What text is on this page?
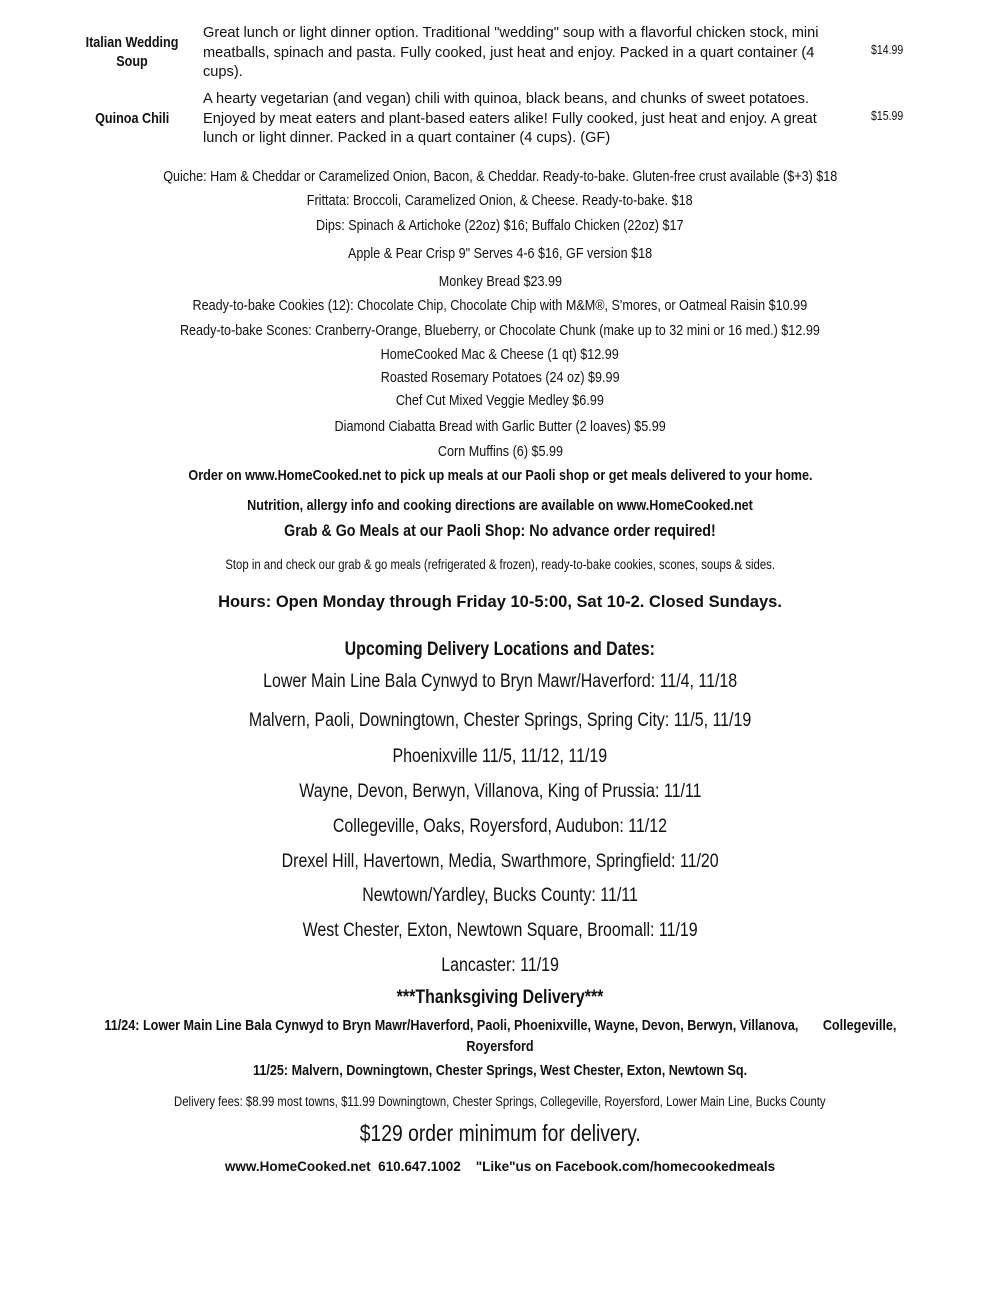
Italian Wedding Soup
Great lunch or light dinner option. Traditional "wedding" soup with a flavorful chicken stock, mini meatballs, spinach and pasta. Fully cooked, just heat and enjoy. Packed in a quart container (4 cups).
$14.99
Quinoa Chili
A hearty vegetarian (and vegan) chili with quinoa, black beans, and chunks of sweet potatoes. Enjoyed by meat eaters and plant-based eaters alike! Fully cooked, just heat and enjoy. A great lunch or light dinner. Packed in a quart container (4 cups). (GF)
$15.99
Quiche: Ham & Cheddar or Caramelized Onion, Bacon, & Cheddar. Ready-to-bake. Gluten-free crust available ($+3) $18
Frittata: Broccoli, Caramelized Onion, & Cheese. Ready-to-bake. $18
Dips: Spinach & Artichoke (22oz) $16; Buffalo Chicken (22oz) $17
Apple & Pear Crisp 9" Serves 4-6 $16, GF version $18
Monkey Bread $23.99
Ready-to-bake Cookies (12): Chocolate Chip, Chocolate Chip with M&M®, S'mores, or Oatmeal Raisin $10.99
Ready-to-bake Scones: Cranberry-Orange, Blueberry, or Chocolate Chunk (make up to 32 mini or 16 med.) $12.99
HomeCooked Mac & Cheese (1 qt) $12.99
Roasted Rosemary Potatoes (24 oz) $9.99
Chef Cut Mixed Veggie Medley $6.99
Diamond Ciabatta Bread with Garlic Butter (2 loaves) $5.99
Corn Muffins (6) $5.99
Order on www.HomeCooked.net to pick up meals at our Paoli shop or get meals delivered to your home.
Nutrition, allergy info and cooking directions are available on www.HomeCooked.net
Grab & Go Meals at our Paoli Shop: No advance order required!
Stop in and check our grab & go meals (refrigerated & frozen), ready-to-bake cookies, scones, soups & sides.
Hours: Open Monday through Friday 10-5:00, Sat 10-2. Closed Sundays.
Upcoming Delivery Locations and Dates:
Lower Main Line Bala Cynwyd to Bryn Mawr/Haverford: 11/4, 11/18
Malvern, Paoli, Downingtown, Chester Springs, Spring City: 11/5, 11/19
Phoenixville 11/5, 11/12, 11/19
Wayne, Devon, Berwyn, Villanova, King of Prussia: 11/11
Collegeville, Oaks, Royersford, Audubon: 11/12
Drexel Hill, Havertown, Media, Swarthmore, Springfield: 11/20
Newtown/Yardley, Bucks County: 11/11
West Chester, Exton, Newtown Square, Broomall: 11/19
Lancaster: 11/19
***Thanksgiving Delivery***
11/24: Lower Main Line Bala Cynwyd to Bryn Mawr/Haverford, Paoli, Phoenixville, Wayne, Devon, Berwyn, Villanova,       Collegeville,
Royersford
11/25: Malvern, Downingtown, Chester Springs, West Chester, Exton, Newtown Sq.
Delivery fees: $8.99 most towns, $11.99 Downingtown, Chester Springs, Collegeville, Royersford, Lower Main Line, Bucks County
$129 order minimum for delivery.
www.HomeCooked.net  610.647.1002    "Like"us on Facebook.com/homecookedmeals
